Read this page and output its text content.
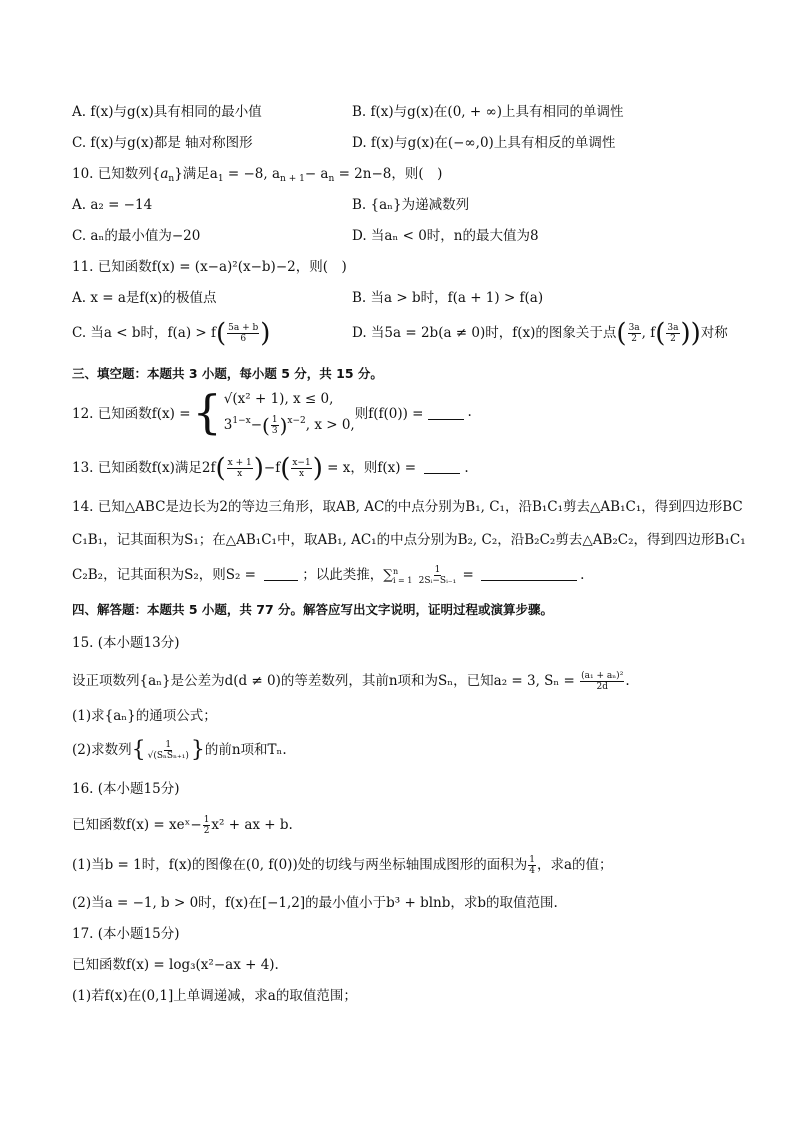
A. f(x)与g(x)具有相同的最小值	B. f(x)与g(x)在(0, + ∞)上具有相同的单调性
C. f(x)与g(x)都是 轴对称图形	D. f(x)与g(x)在(−∞,0)上具有相反的单调性
10. 已知数列$\{a_n\}$满足$a_1 = -8$, $a_{n + 1}- a_n = 2n-8$，则(　)
A. a₂ = −14	B. {aₙ}为递减数列
C. aₙ的最小值为−20	D. 当aₙ < 0时，n的最大值为8
11. 已知函数f(x) = (x−a)²(x−b)−2，则(　)
A. x = a是f(x)的极值点	B. 当a > b时，f(a + 1) > f(a)
C. 当a < b时，$f(a) > f( \frac{5a + b}{6}$ )	D. 当5a = 2b(a ≠ 0)时，f(x)的图象关于点( $\frac{3a}{2}$ , $f( \frac{3a}{2}$ ))对称
三、填空题：本题共 3 小题，每小题 5 分，共 15 分。
12. 已知函数f(x) = { √(x² + 1), x ≤ 0,
$3^{1-x}-( \frac{1}{3} )^{x-2}$, x > 0,
则f(f(0)) =	.
13. 已知函数f(x)满足$2f( \frac{x + 1}{x} )-f( \frac{x-1}{x}$ ) = x，则f(x) =	.
14. 已知△ABC是边长为2的等边三角形，取AB, AC的中点分别为B₁, C₁，沿B₁C₁剪去△AB₁C₁，得到四边形BC
C₁B₁，记其面积为S₁；在△AB₁C₁中，取AB₁, AC₁的中点分别为B₂, C₂，沿B₂C₂剪去△AB₂C₂，得到四边形B₁C₁
C₂B₂，记其面积为S₂，则S₂ =	；以此类推，∑ n
i = 1
$\frac{1}{\text{2Sᵢ−Sᵢ₋₁}}$ =	.
四、解答题：本题共 5 小题，共 77 分。解答应写出文字说明，证明过程或演算步骤。
15. (本小题13分)
设正项数列{aₙ}是公差为d(d ≠ 0)的等差数列，其前n项和为Sₙ，已知a₂ = 3, $S_n = \frac{\text{(a₁ + aₙ)²}}{2d}$ .
(1)求{aₙ}的通项公式；
(2)求数列{ $\frac{1}{\text{√(SₙSₙ₊₁)}}$ }的前n项和Tₙ.
16. (本小题15分)
已知函数f(x) = xeˣ− $\frac{1}{2} x^2$ + ax + b.
(1)当b = 1时，f(x)的图像在(0, f(0))处的切线与两坐标轴围成图形的面积为 $\frac{1}{4}$ ，求a的值；
(2)当a = −1, b > 0时，f(x)在[−1,2]的最小值小于b³ + blnb，求b的取值范围.
17. (本小题15分)
已知函数f(x) = log₃(x²−ax + 4).
(1)若f(x)在(0,1]上单调递减，求a的取值范围；
